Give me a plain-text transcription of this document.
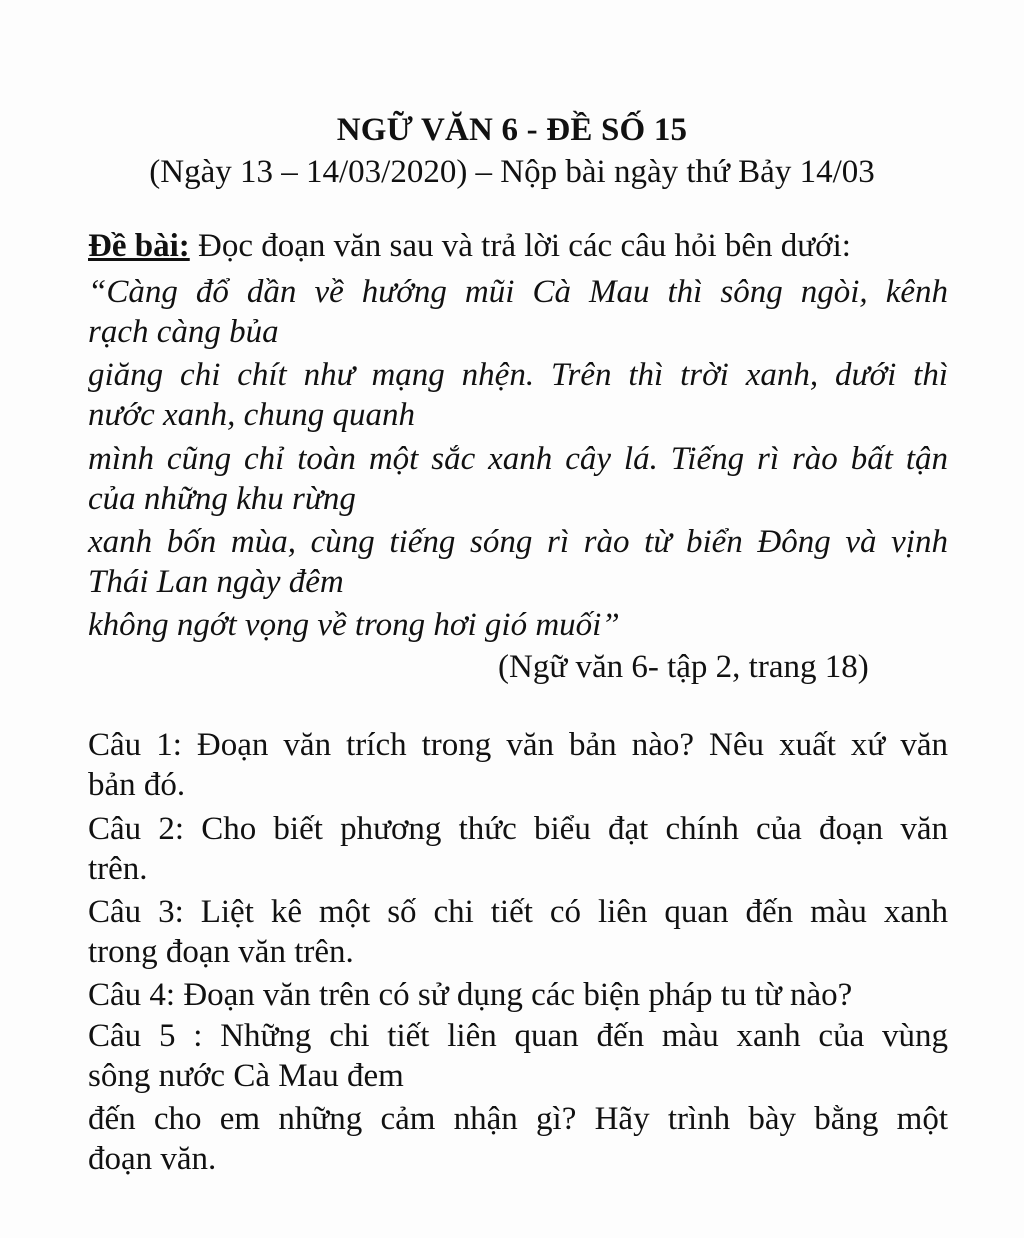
NGỮ VĂN 6 - ĐỀ SỐ 15
(Ngày 13 – 14/03/2020) – Nộp bài ngày thứ Bảy 14/03
Đề bài: Đọc đoạn văn sau và trả lời các câu hỏi bên dưới:
“Càng đổ dần về hướng mũi Cà Mau thì sông ngòi, kênh
rạch càng bủa
giăng chi chít như mạng nhện. Trên thì trời xanh, dưới thì
nước xanh, chung quanh
mình cũng chỉ toàn một sắc xanh cây lá. Tiếng rì rào bất tận
của những khu rừng
xanh bốn mùa, cùng tiếng sóng rì rào từ biển Đông và vịnh
Thái Lan ngày đêm
không ngớt vọng về trong hơi gió muối”
(Ngữ văn 6- tập 2, trang 18)
Câu 1: Đoạn văn trích trong văn bản nào? Nêu xuất xứ văn
bản đó.
Câu 2: Cho biết phương thức biểu đạt chính của đoạn văn
trên.
Câu 3: Liệt kê một số chi tiết có liên quan đến màu xanh
trong đoạn văn trên.
Câu 4: Đoạn văn trên có sử dụng các biện pháp tu từ nào?
Câu 5 : Những chi tiết liên quan đến màu xanh của vùng
sông nước Cà Mau đem
đến cho em những cảm nhận gì? Hãy trình bày bằng một
đoạn văn.
